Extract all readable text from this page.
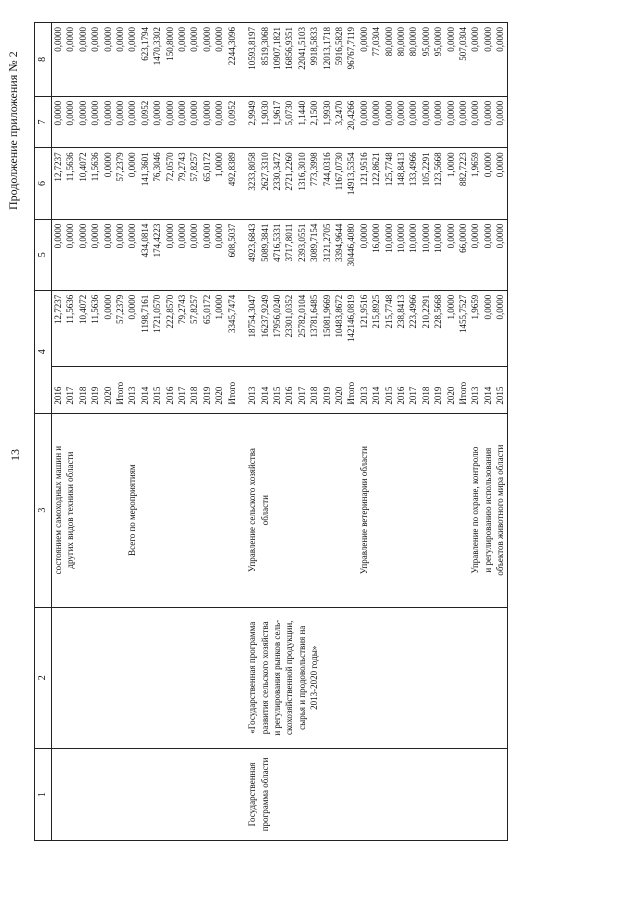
13
Продолжение приложения № 2
1	2	3	4		5	6	7	8
		состоянием самоходных машин и	2016	12,7237	0,0000	12,7237	0,0000	0,0000
		других видов техники области	2017	11,5636	0,0000	11,5636	0,0000	0,0000
			2018	10,4072	0,0000	10,4072	0,0000	0,0000
			2019	11,5636	0,0000	11,5636	0,0000	0,0000
			2020	0,0000	0,0000	0,0000	0,0000	0,0000
			Итого	57,2379	0,0000	57,2379	0,0000	0,0000
		Всего по мероприятиям	2013	0,0000	0,0000	0,0000	0,0000	0,0000
			2014	1198,7161	434,0814	141,3601	0,0952	623,1794
			2015	1721,0570	174,4223	76,3046	0,0000	1470,3302
			2016	222,8570	0,0000	72,0570	0,0000	150,8000
			2017	79,2743	0,0000	79,2743	0,0000	0,0000
			2018	57,8257	0,0000	57,8257	0,0000	0,0000
			2019	65,0172	0,0000	65,0172	0,0000	0,0000
			2020	1,0000	0,0000	1,0000	0,0000	0,0000
			Итого	3345,7474	608,5037	492,8389	0,0952	2244,3096

Государственная	«Государственная программа	Управление сельского хозяйства	2013	18754,3047	4923,6843	3233,8058	2,9949	10593,8197
программа области	развития сельского хозяйства	области	2014	16237,9249	5089,3841	2627,3310	1,9030	8519,3068
	и регулирования рынков сель-		2015	17956,0240	4716,5331	2330,3472	1,9617	10907,1821
	скохозяйственной продукции,		2016	23301,0352	3717,8011	2721,2260	5,0730	16856,9351
	сырья и продовольствия на		2017	25782,0104	2393,0551	1316,3010	1,1440	22041,5103
	2013-2020 годы»		2018	13781,6485	3089,7154	773,3998	2,1500	9918,5833
			2019	15081,9669	3121,2705	744,0316	1,9930	12013,1718
			2020	10483,8672	3394,9644	1167,0730	3,2470	5916,5828
			Итого	142146,0819	30446,4080	14913,5354	20,4266	96767,7119
		Управление ветеринарии области	2013	121,9516	0,0000	121,9516	0,0000	0,0000
			2014	215,8925	16,0000	122,8621	0,0000	77,0304
			2015	215,7748	10,0000	125,7748	0,0000	80,0000
			2016	238,8413	10,0000	148,8413	0,0000	80,0000
			2017	223,4966	10,0000	133,4966	0,0000	80,0000
			2018	210,2291	10,0000	105,2291	0,0000	95,0000
			2019	228,5668	10,0000	123,5668	0,0000	95,0000
			2020	1,0000	0,0000	1,0000	0,0000	0,0000
			Итого	1455,7527	66,0000	882,7223	0,0000	507,0304
		Управление по охране, контролю	2013	1,9659	0,0000	1,9659	0,0000	0,0000
		и регулированию использования	2014	0,0000	0,0000	0,0000	0,0000	0,0000
		объектов животного мира области	2015	0,0000	0,0000	0,0000	0,0000	0,0000
